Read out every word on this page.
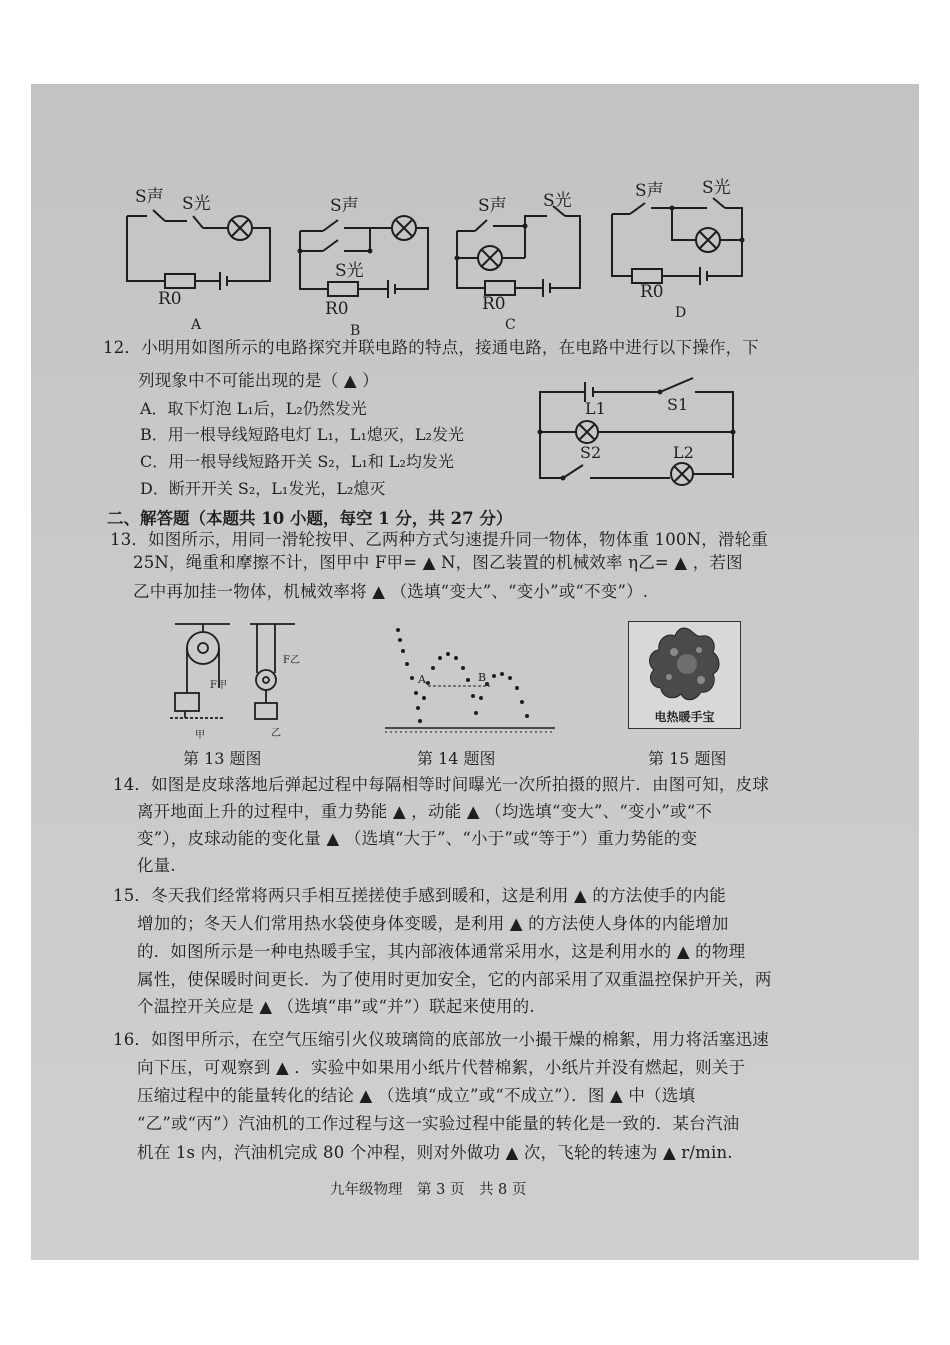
S声 S光
R0
S声
S光
R0
S声 S光
R0
S声 S光
R0
A	B	C
D
12．小明用如图所示的电路探究并联电路的特点，接通电路，在电路中进行以下操作，下
列现象中不可能出现的是（ ▲ ）
A．取下灯泡 L₁后，L₂仍然发光
B．用一根导线短路电灯 L₁，L₁熄灭，L₂发光
C．用一根导线短路开关 S₂，L₁和 L₂均发光
D．断开开关 S₂，L₁发光，L₂熄灭
L1	S1
S2	L2
二、解答题（本题共 10 小题，每空 1 分，共 27 分）
13．如图所示，用同一滑轮按甲、乙两种方式匀速提升同一物体，物体重 100N，滑轮重
25N，绳重和摩擦不计，图甲中 F甲= ▲ N，图乙装置的机械效率 η乙= ▲ ，若图
乙中再加挂一物体，机械效率将 ▲ （选填“变大”、“变小”或“不变”）.
F甲
F乙
甲	乙
A	B
电热暖手宝
第 13 题图	第 14 题图	第 15 题图
14．如图是皮球落地后弹起过程中每隔相等时间曝光一次所拍摄的照片．由图可知，皮球
离开地面上升的过程中，重力势能 ▲ ，动能 ▲ （均选填“变大”、“变小”或“不
变”），皮球动能的变化量 ▲ （选填“大于”、“小于”或“等于”）重力势能的变
化量.
15．冬天我们经常将两只手相互搓搓使手感到暖和，这是利用 ▲ 的方法使手的内能
增加的；冬天人们常用热水袋使身体变暖，是利用 ▲ 的方法使人身体的内能增加
的．如图所示是一种电热暖手宝，其内部液体通常采用水，这是利用水的 ▲ 的物理
属性，使保暖时间更长．为了使用时更加安全，它的内部采用了双重温控保护开关，两
个温控开关应是 ▲ （选填“串”或“并”）联起来使用的.
16．如图甲所示，在空气压缩引火仪玻璃筒的底部放一小撮干燥的棉絮，用力将活塞迅速
向下压，可观察到 ▲ ．实验中如果用小纸片代替棉絮，小纸片并没有燃起，则关于
压缩过程中的能量转化的结论 ▲ （选填“成立”或“不成立”）．图 ▲ 中（选填
“乙”或“丙”）汽油机的工作过程与这一实验过程中能量的转化是一致的．某台汽油
机在 1s 内，汽油机完成 80 个冲程，则对外做功 ▲ 次，飞轮的转速为 ▲ r/min.
九年级物理　第 3 页　共 8 页
